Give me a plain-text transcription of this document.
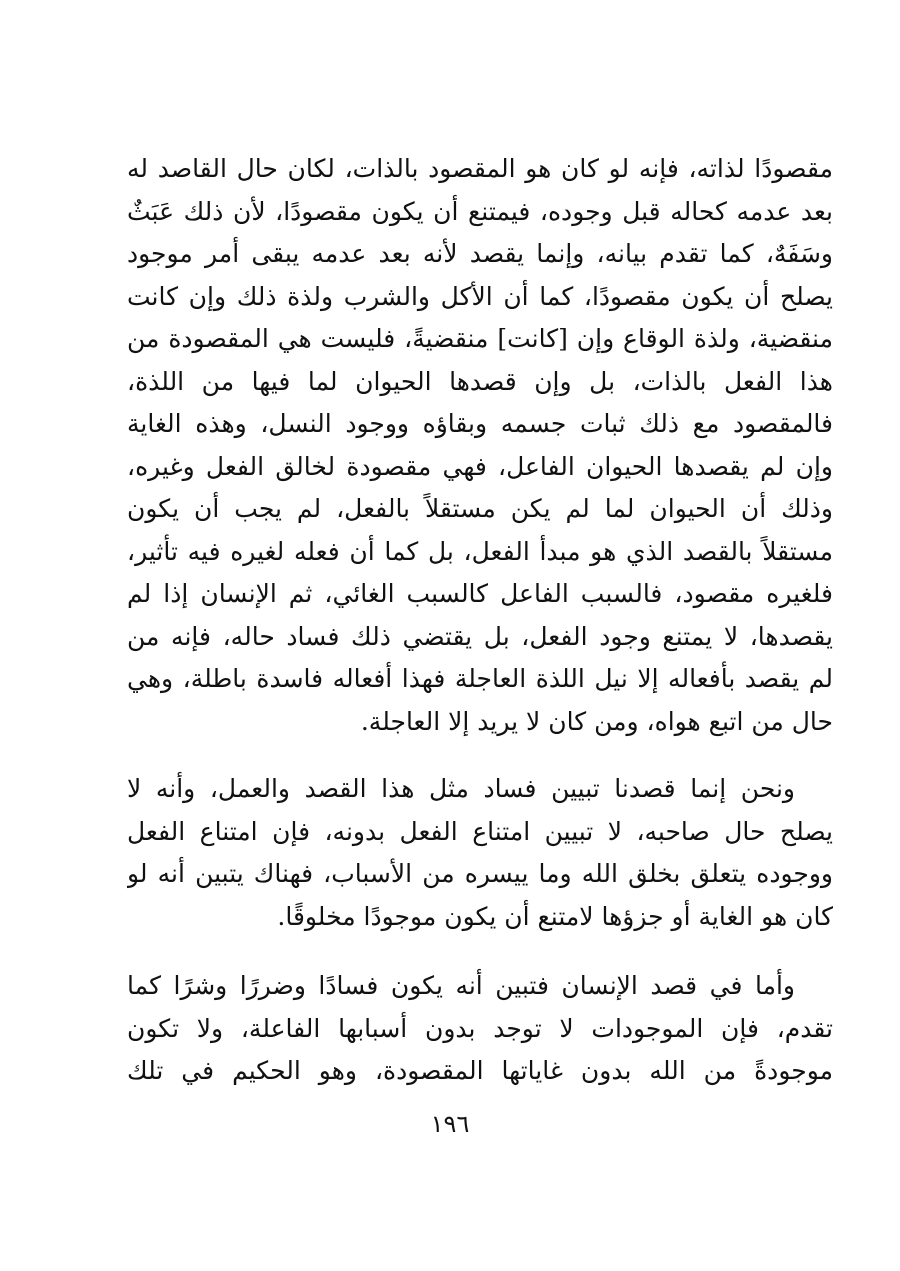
مقصودًا لذاته، فإنه لو كان هو المقصود بالذات، لكان حال القاصد له
بعد عدمه كحاله قبل وجوده، فيمتنع أن يكون مقصودًا، لأن ذلك عَبَثٌ
وسَفَهٌ، كما تقدم بيانه، وإنما يقصد لأنه بعد عدمه يبقى أمر موجود
يصلح أن يكون مقصودًا، كما أن الأكل والشرب ولذة ذلك وإن كانت
منقضية، ولذة الوقاع وإن [كانت] منقضيةً، فليست هي المقصودة من
هذا الفعل بالذات، بل وإن قصدها الحيوان لما فيها من اللذة،
فالمقصود مع ذلك ثبات جسمه وبقاؤه ووجود النسل، وهذه الغاية
وإن لم يقصدها الحيوان الفاعل، فهي مقصودة لخالق الفعل وغيره،
وذلك أن الحيوان لما لم يكن مستقلاً بالفعل، لم يجب أن يكون
مستقلاً بالقصد الذي هو مبدأ الفعل، بل كما أن فعله لغيره فيه تأثير،
فلغيره مقصود، فالسبب الفاعل كالسبب الغائي، ثم الإنسان إذا لم
يقصدها، لا يمتنع وجود الفعل، بل يقتضي ذلك فساد حاله، فإنه من
لم يقصد بأفعاله إلا نيل اللذة العاجلة فهذا أفعاله فاسدة باطلة، وهي
حال من اتبع هواه، ومن كان لا يريد إلا العاجلة.
ونحن إنما قصدنا تبيين فساد مثل هذا القصد والعمل، وأنه لا
يصلح حال صاحبه، لا تبيين امتناع الفعل بدونه، فإن امتناع الفعل
ووجوده يتعلق بخلق الله وما ييسره من الأسباب، فهناك يتبين أنه لو
كان هو الغاية أو جزؤها لامتنع أن يكون موجودًا مخلوقًا.
وأما في قصد الإنسان فتبين أنه يكون فسادًا وضررًا وشرًا كما
تقدم، فإن الموجودات لا توجد بدون أسبابها الفاعلة، ولا تكون
موجودةً من الله بدون غاياتها المقصودة، وهو الحكيم في تلك
١٩٦
